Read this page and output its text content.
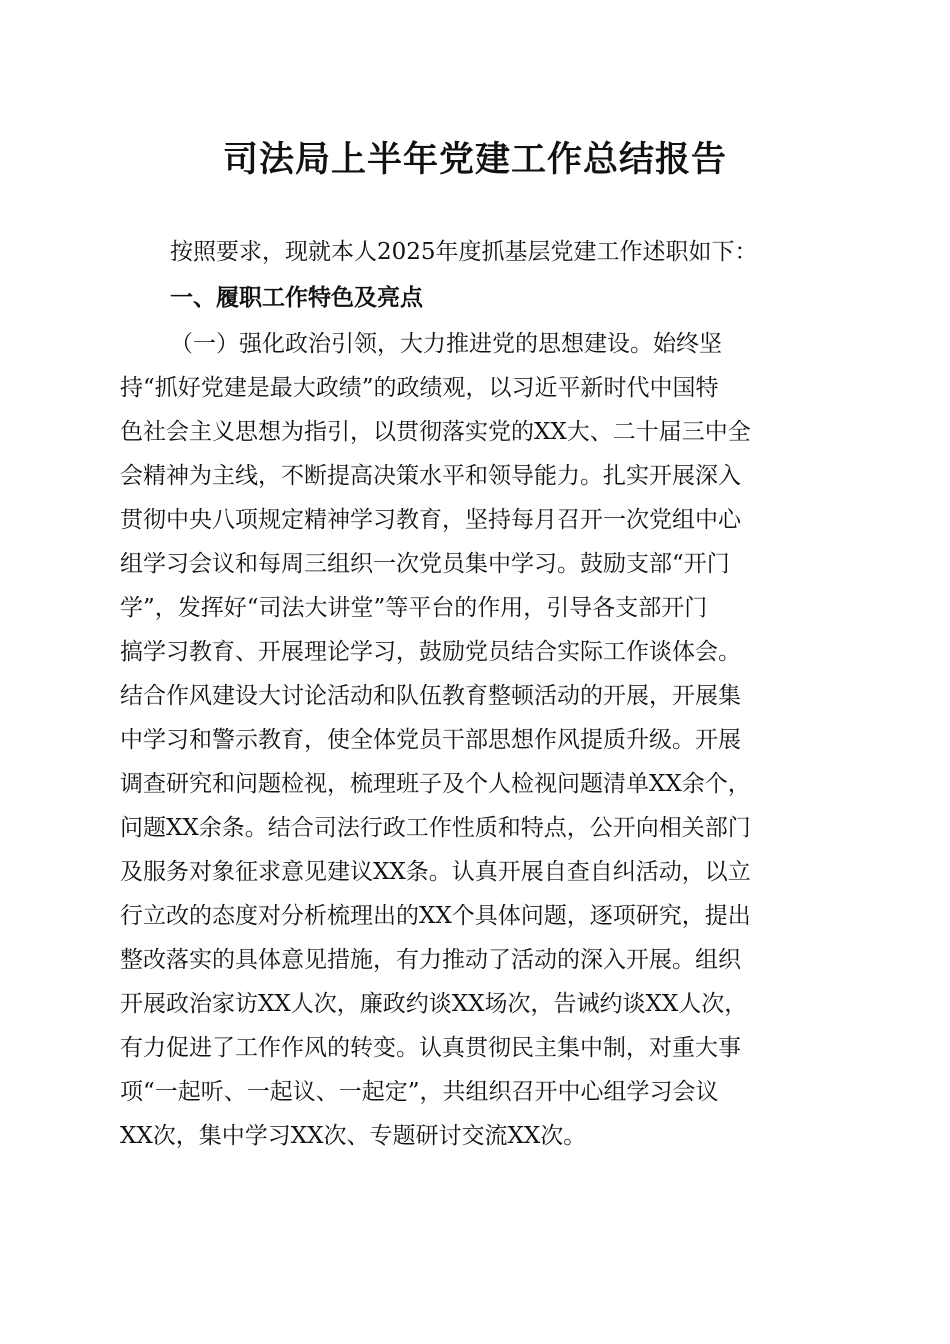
司法局上半年党建工作总结报告

按照要求，现就本人2025年度抓基层党建工作述职如下：

一、履职工作特色及亮点
（一）强化政治引领，大力推进党的思想建设。始终坚
持“抓好党建是最大政绩”的政绩观，以习近平新时代中国特
色社会主义思想为指引，以贯彻落实党的XX大、二十届三中全
会精神为主线，不断提高决策水平和领导能力。扎实开展深入
贯彻中央八项规定精神学习教育，坚持每月召开一次党组中心
组学习会议和每周三组织一次党员集中学习。鼓励支部“开门
学”，发挥好“司法大讲堂”等平台的作用，引导各支部开门
搞学习教育、开展理论学习，鼓励党员结合实际工作谈体会。
结合作风建设大讨论活动和队伍教育整顿活动的开展，开展集
中学习和警示教育，使全体党员干部思想作风提质升级。开展
调查研究和问题检视，梳理班子及个人检视问题清单XX余个，
问题XX余条。结合司法行政工作性质和特点，公开向相关部门
及服务对象征求意见建议XX条。认真开展自查自纠活动，以立
行立改的态度对分析梳理出的XX个具体问题，逐项研究，提出
整改落实的具体意见措施，有力推动了活动的深入开展。组织
开展政治家访XX人次，廉政约谈XX场次，告诫约谈XX人次，
有力促进了工作作风的转变。认真贯彻民主集中制，对重大事
项“一起听、一起议、一起定”，共组织召开中心组学习会议
XX次，集中学习XX次、专题研讨交流XX次。
